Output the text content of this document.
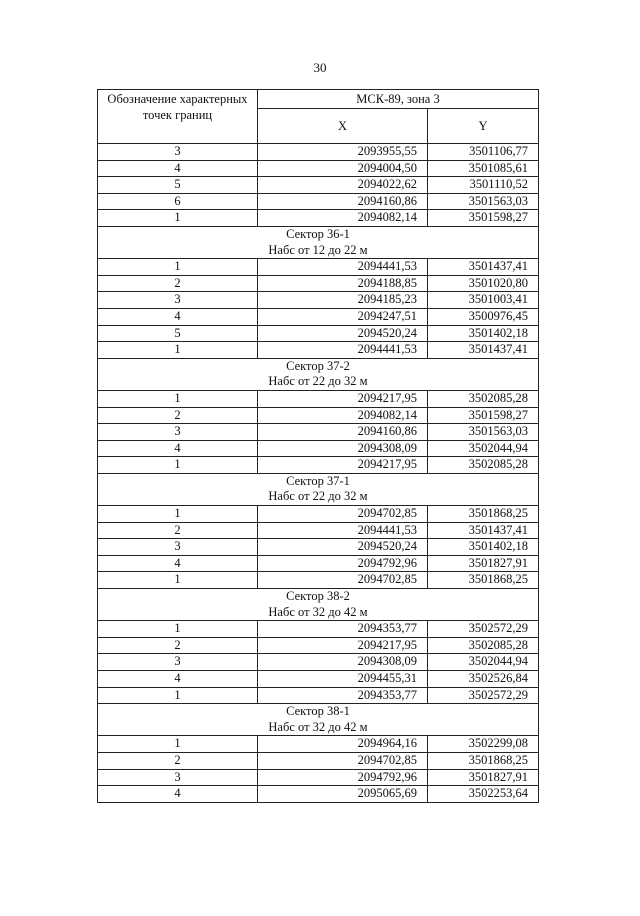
30
Обозначение характерных точек границ	МСК-89, зона 3	
	X	Y
3	2093955,55	3501106,77
4	2094004,50	3501085,61
5	2094022,62	3501110,52
6	2094160,86	3501563,03
1	2094082,14	3501598,27

Сектор 36-1
Набс от 12 до 22 м		

1	2094441,53	3501437,41
2	2094188,85	3501020,80
3	2094185,23	3501003,41
4	2094247,51	3500976,45
5	2094520,24	3501402,18
1	2094441,53	3501437,41

Сектор 37-2
Набс от 22 до 32 м		

1	2094217,95	3502085,28
2	2094082,14	3501598,27
3	2094160,86	3501563,03
4	2094308,09	3502044,94
1	2094217,95	3502085,28

Сектор 37-1
Набс от 22 до 32 м		

1	2094702,85	3501868,25
2	2094441,53	3501437,41
3	2094520,24	3501402,18
4	2094792,96	3501827,91
1	2094702,85	3501868,25

Сектор 38-2
Набс от 32 до 42 м		

1	2094353,77	3502572,29
2	2094217,95	3502085,28
3	2094308,09	3502044,94
4	2094455,31	3502526,84
1	2094353,77	3502572,29

Сектор 38-1
Набс от 32 до 42 м		

1	2094964,16	3502299,08
2	2094702,85	3501868,25
3	2094792,96	3501827,91
4	2095065,69	3502253,64
